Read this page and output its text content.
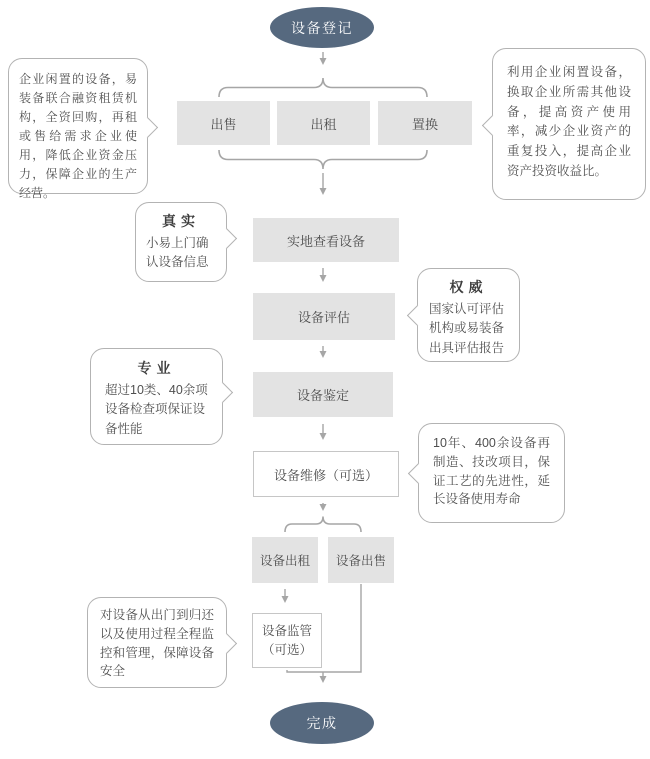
设备登记
出售	出租	置换
实地查看设备
设备评估
设备鉴定
设备维修（可选）
设备出租 设备出售
设备监管
（可选）
完成
企业闲置的设备，易装备联合融资租赁机构，全资回购，再租或售给需求企业使用，降低企业资金压力，保障企业的生产经营。
利用企业闲置设备，换取企业所需其他设备，提高资产使用率，减少企业资产的重复投入，提高企业资产投资收益比。
真实
小易上门确认设备信息
权威
国家认可评估机构或易装备出具评估报告
专业
超过10类、40余项设备检查项保证设备性能
10年、400余设备再制造、技改项目，保证工艺的先进性，延长设备使用寿命
对设备从出门到归还以及使用过程全程监控和管理，保障设备安全
